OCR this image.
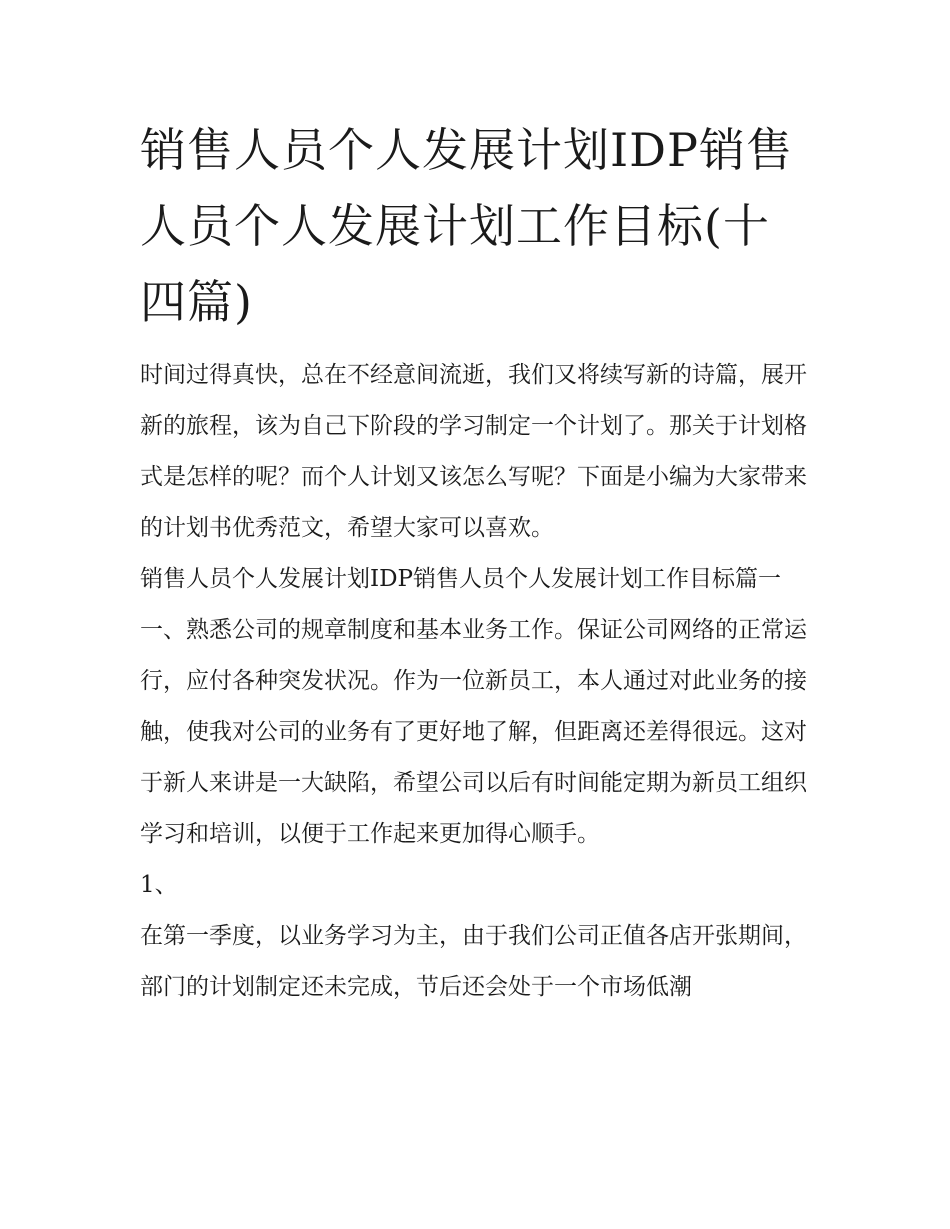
销售人员个人发展计划IDP销售人员个人发展计划工作目标(十四篇)

时间过得真快，总在不经意间流逝，我们又将续写新的诗篇，展开新的旅程，该为自己下阶段的学习制定一个计划了。那关于计划格式是怎样的呢？而个人计划又该怎么写呢？下面是小编为大家带来的计划书优秀范文，希望大家可以喜欢。

销售人员个人发展计划IDP销售人员个人发展计划工作目标篇一

一、熟悉公司的规章制度和基本业务工作。保证公司网络的正常运行，应付各种突发状况。作为一位新员工，本人通过对此业务的接触，使我对公司的业务有了更好地了解，但距离还差得很远。这对于新人来讲是一大缺陷，希望公司以后有时间能定期为新员工组织学习和培训，以便于工作起来更加得心顺手。

1、

在第一季度，以业务学习为主，由于我们公司正值各店开张期间，部门的计划制定还未完成，节后还会处于一个市场低潮
